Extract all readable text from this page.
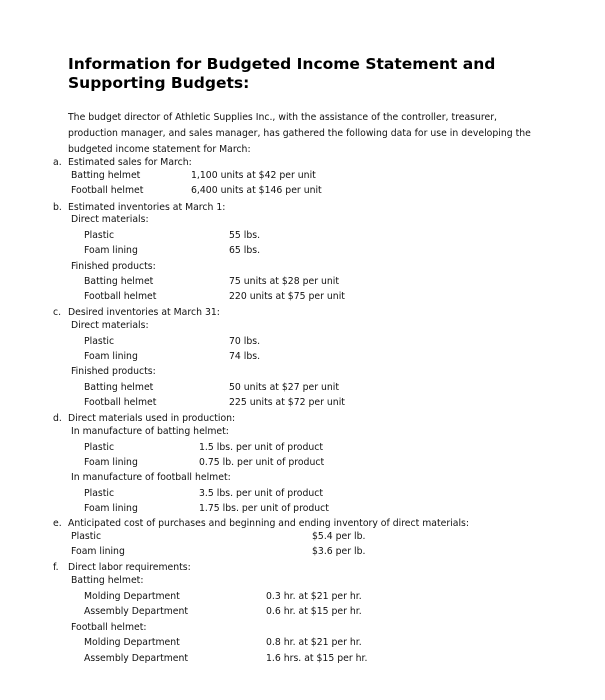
Information for Budgeted Income Statement and Supporting Budgets:
The budget director of Athletic Supplies Inc., with the assistance of the controller, treasurer, production manager, and sales manager, has gathered the following data for use in developing the budgeted income statement for March:
a. Estimated sales for March:
Batting helmet	1,100 units at $42 per unit
Football helmet	6,400 units at $146 per unit
b. Estimated inventories at March 1:
Direct materials:
Plastic	55 lbs.
Foam lining	65 lbs.
Finished products:
Batting helmet	75 units at $28 per unit
Football helmet	220 units at $75 per unit
c. Desired inventories at March 31:
Direct materials:
Plastic	70 lbs.
Foam lining	74 lbs.
Finished products:
Batting helmet	50 units at $27 per unit
Football helmet	225 units at $72 per unit
d. Direct materials used in production:
In manufacture of batting helmet:
Plastic	1.5 lbs. per unit of product
Foam lining	0.75 lb. per unit of product
In manufacture of football helmet:
Plastic	3.5 lbs. per unit of product
Foam lining	1.75 lbs. per unit of product
e. Anticipated cost of purchases and beginning and ending inventory of direct materials:
Plastic	$5.4 per lb.
Foam lining	$3.6 per lb.
f. Direct labor requirements:
Batting helmet:
Molding Department	0.3 hr. at $21 per hr.
Assembly Department	0.6 hr. at $15 per hr.
Football helmet:
Molding Department	0.8 hr. at $21 per hr.
Assembly Department	1.6 hrs. at $15 per hr.
